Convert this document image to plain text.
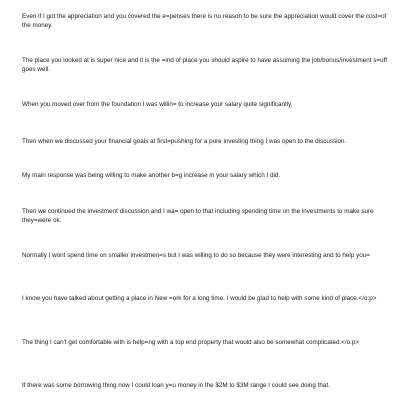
Even if I got the appreciation and you covered the e=penses there is no reason to be sure the appreciation would cover the cost=of the money.

The place you looked at is super nice and it is the =ind of place you should aspire to have assuming the job/bonus/investment s=uff goes well.

When you moved over from the foundation I was willin= to increase your salary quite significantly.

Then when we discussed your financial goals at first=pushing for a pure investing thing I was open to the discussion.

My main response was being willing to make another b=g increase in your salary which I did.

Then we continued the investment discussion and I wa= open to that including spending time on the investments to make sure they=were ok.

Normally I wont spend time on smaller investmen=s but I was willing to do so because they were interesting and to help you=

I know you have talked about getting a place in New =ork for a long time. I would be glad to help with some kind of place.</o:p>

The thing I can't get comfortable with is help=ng with a top end property that would also be somewhat complicated.</o:p>

If there was some borrowing thing now I could loan y=u money in the $2M to $3M range I could see doing that.
